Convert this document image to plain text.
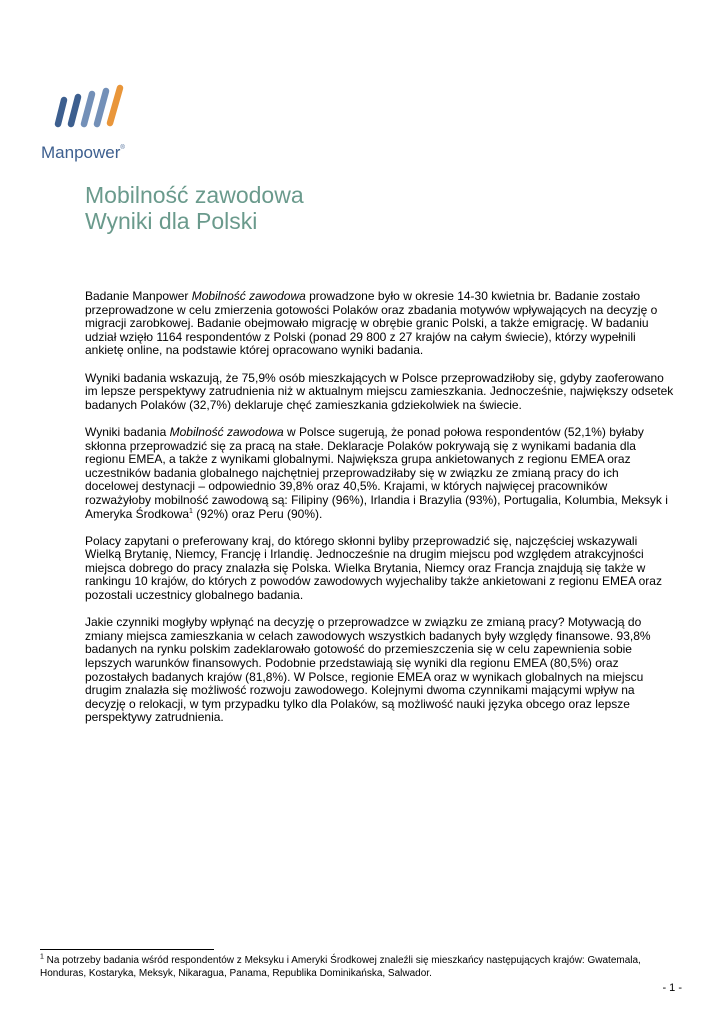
Manpower®
Mobilność zawodowa
Wyniki dla Polski

Badanie Manpower Mobilność zawodowa prowadzone było w okresie 14-30 kwietnia br. Badanie zostało przeprowadzone w celu zmierzenia gotowości Polaków oraz zbadania motywów wpływających na decyzję o migracji zarobkowej. Badanie obejmowało migrację w obrębie granic Polski, a także emigrację. W badaniu udział wzięło 1164 respondentów z Polski (ponad 29 800 z 27 krajów na całym świecie), którzy wypełnili ankietę online, na podstawie której opracowano wyniki badania.

Wyniki badania wskazują, że 75,9% osób mieszkających w Polsce przeprowadziłoby się, gdyby zaoferowano im lepsze perspektywy zatrudnienia niż w aktualnym miejscu zamieszkania. Jednocześnie, największy odsetek badanych Polaków (32,7%) deklaruje chęć zamieszkania gdziekolwiek na świecie.

Wyniki badania Mobilność zawodowa w Polsce sugerują, że ponad połowa respondentów (52,1%) byłaby skłonna przeprowadzić się za pracą na stałe. Deklaracje Polaków pokrywają się z wynikami badania dla regionu EMEA, a także z wynikami globalnymi. Największa grupa ankietowanych z regionu EMEA oraz uczestników badania globalnego najchętniej przeprowadziłaby się w związku ze zmianą pracy do ich docelowej destynacji – odpowiednio 39,8% oraz 40,5%. Krajami, w których najwięcej pracowników rozważyłoby mobilność zawodową są: Filipiny (96%), Irlandia i Brazylia (93%), Portugalia, Kolumbia, Meksyk i Ameryka Środkowa$^1$ (92%) oraz Peru (90%).

Polacy zapytani o preferowany kraj, do którego skłonni byliby przeprowadzić się, najczęściej wskazywali Wielką Brytanię, Niemcy, Francję i Irlandię. Jednocześnie na drugim miejscu pod względem atrakcyjności miejsca dobrego do pracy znalazła się Polska. Wielka Brytania, Niemcy oraz Francja znajdują się także w rankingu 10 krajów, do których z powodów zawodowych wyjechaliby także ankietowani z regionu EMEA oraz pozostali uczestnicy globalnego badania.

Jakie czynniki mogłyby wpłynąć na decyzję o przeprowadzce w związku ze zmianą pracy? Motywacją do zmiany miejsca zamieszkania w celach zawodowych wszystkich badanych były względy finansowe. 93,8% badanych na rynku polskim zadeklarowało gotowość do przemieszczenia się w celu zapewnienia sobie lepszych warunków finansowych. Podobnie przedstawiają się wyniki dla regionu EMEA (80,5%) oraz pozostałych badanych krajów (81,8%). W Polsce, regionie EMEA oraz w wynikach globalnych na miejscu drugim znalazła się możliwość rozwoju zawodowego. Kolejnymi dwoma czynnikami mającymi wpływ na decyzję o relokacji, w tym przypadku tylko dla Polaków, są możliwość nauki języka obcego oraz lepsze perspektywy zatrudnienia.

$^1$ Na potrzeby badania wśród respondentów z Meksyku i Ameryki Środkowej znaleźli się mieszkańcy następujących krajów: Gwatemala, Honduras, Kostaryka, Meksyk, Nikaragua, Panama, Republika Dominikańska, Salwador.
- 1 -
